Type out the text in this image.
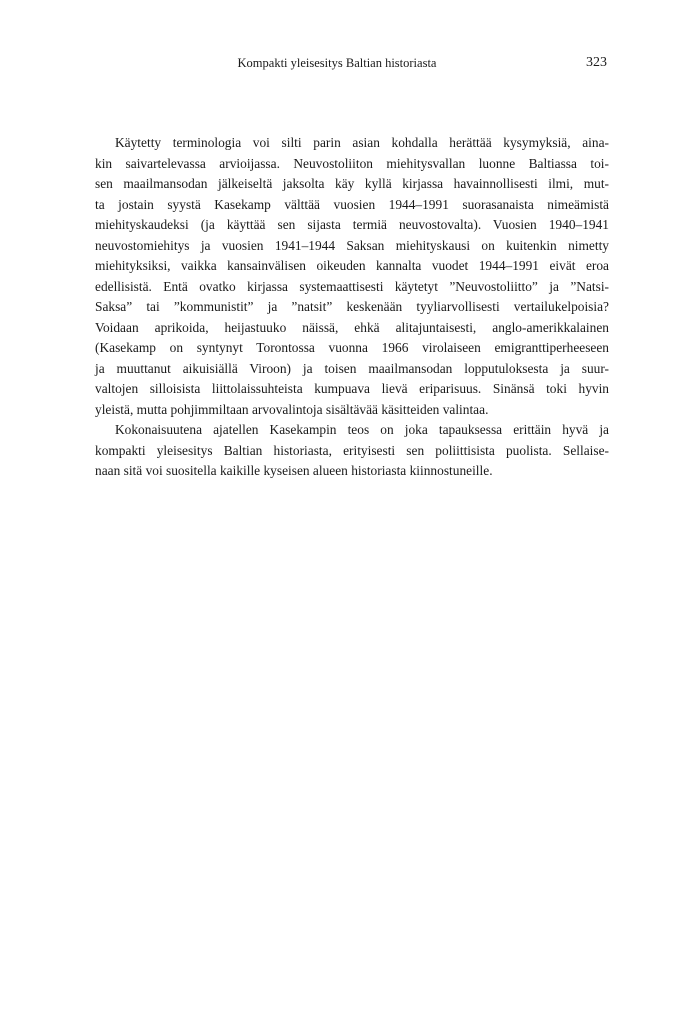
Kompakti yleisesitys Baltian historiasta	323
Käytetty terminologia voi silti parin asian kohdalla herättää kysymyksiä, aina-
kin saivartelevassa arvioijassa. Neuvostoliiton miehitysvallan luonne Baltiassa toi-
sen maailmansodan jälkeiseltä jaksolta käy kyllä kirjassa havainnollisesti ilmi, mut-
ta jostain syystä Kasekamp välttää vuosien 1944–1991 suorasanaista nimeämistä
miehityskaudeksi (ja käyttää sen sijasta termiä neuvostovalta). Vuosien 1940–1941
neuvostomiehitys ja vuosien 1941–1944 Saksan miehityskausi on kuitenkin nimetty
miehityksiksi, vaikka kansainvälisen oikeuden kannalta vuodet 1944–1991 eivät eroa
edellisistä. Entä ovatko kirjassa systemaattisesti käytetyt ”Neuvostoliitto” ja ”Natsi-
Saksa” tai ”kommunistit” ja ”natsit” keskenään tyyliarvollisesti vertailukelpoisia?
Voidaan aprikoida, heijastuuko näissä, ehkä alitajuntaisesti, anglo-amerikkalainen
(Kasekamp on syntynyt Torontossa vuonna 1966 virolaiseen emigranttiperheeseen
ja muuttanut aikuisiällä Viroon) ja toisen maailmansodan lopputuloksesta ja suur-
valtojen silloisista liittolaissuhteista kumpuava lievä eriparisuus. Sinänsä toki hyvin
yleistä, mutta pohjimmiltaan arvovalintoja sisältävää käsitteiden valintaa.
Kokonaisuutena ajatellen Kasekampin teos on joka tapauksessa erittäin hyvä ja
kompakti yleisesitys Baltian historiasta, erityisesti sen poliittisista puolista. Sellaise-
naan sitä voi suositella kaikille kyseisen alueen historiasta kiinnostuneille.
